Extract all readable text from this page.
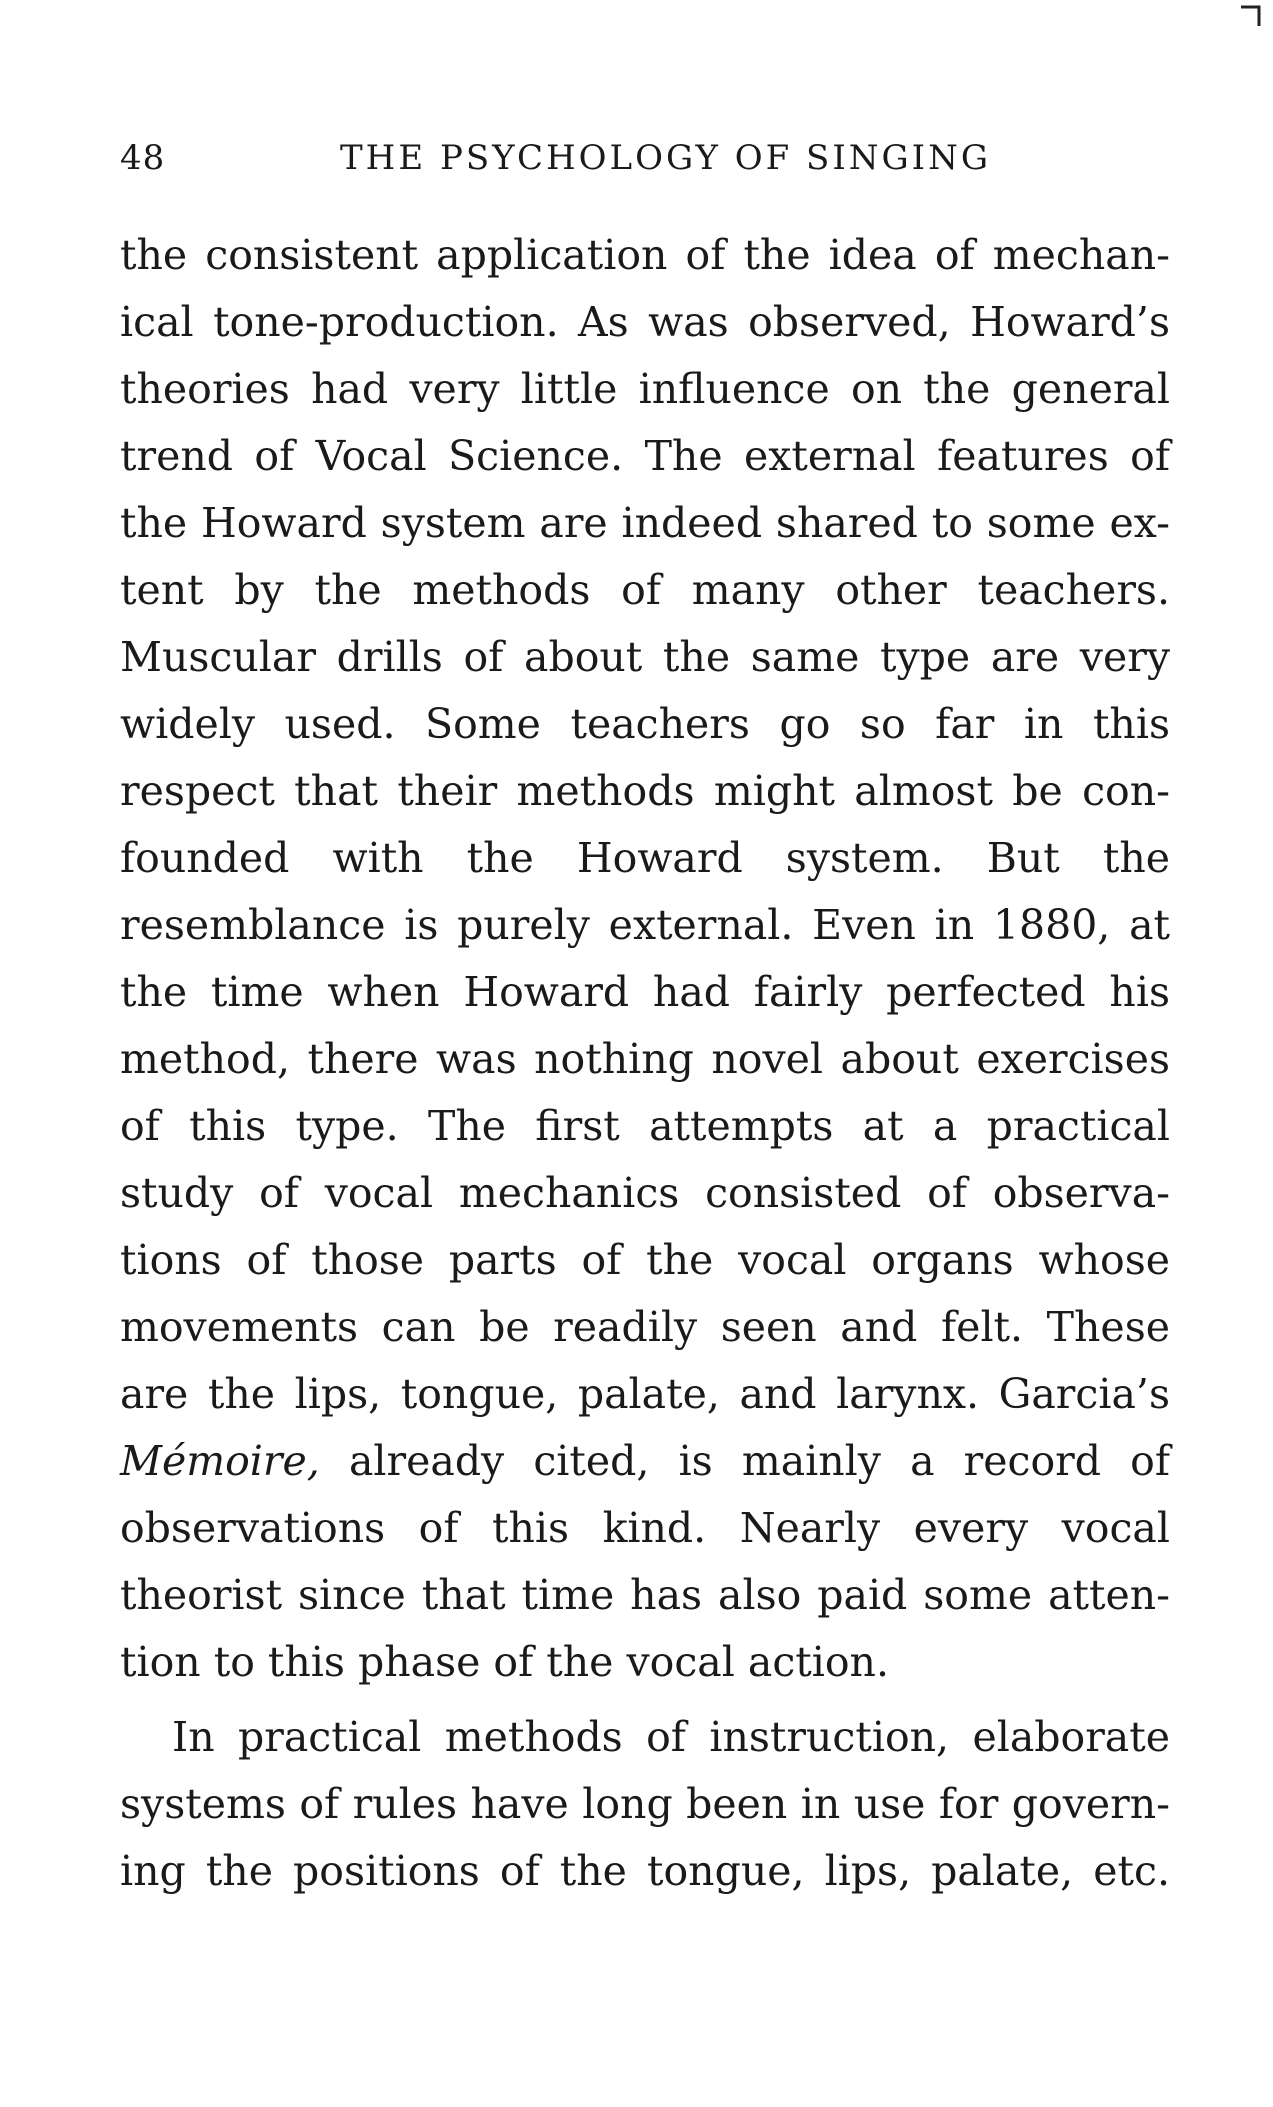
48	THE PSYCHOLOGY OF SINGING
the consistent application of the idea of mechan-
ical tone-production. As was observed, Howard’s
theories had very little influence on the general
trend of Vocal Science. The external features of
the Howard system are indeed shared to some ex-
tent by the methods of many other teachers.
Muscular drills of about the same type are very
widely used. Some teachers go so far in this
respect that their methods might almost be con-
founded with the Howard system. But the
resemblance is purely external. Even in 1880, at
the time when Howard had fairly perfected his
method, there was nothing novel about exercises
of this type. The first attempts at a practical
study of vocal mechanics consisted of observa-
tions of those parts of the vocal organs whose
movements can be readily seen and felt. These
are the lips, tongue, palate, and larynx. Garcia’s
Mémoire, already cited, is mainly a record of
observations of this kind. Nearly every vocal
theorist since that time has also paid some atten-
tion to this phase of the vocal action.
In practical methods of instruction, elaborate
systems of rules have long been in use for govern-
ing the positions of the tongue, lips, palate, etc.
